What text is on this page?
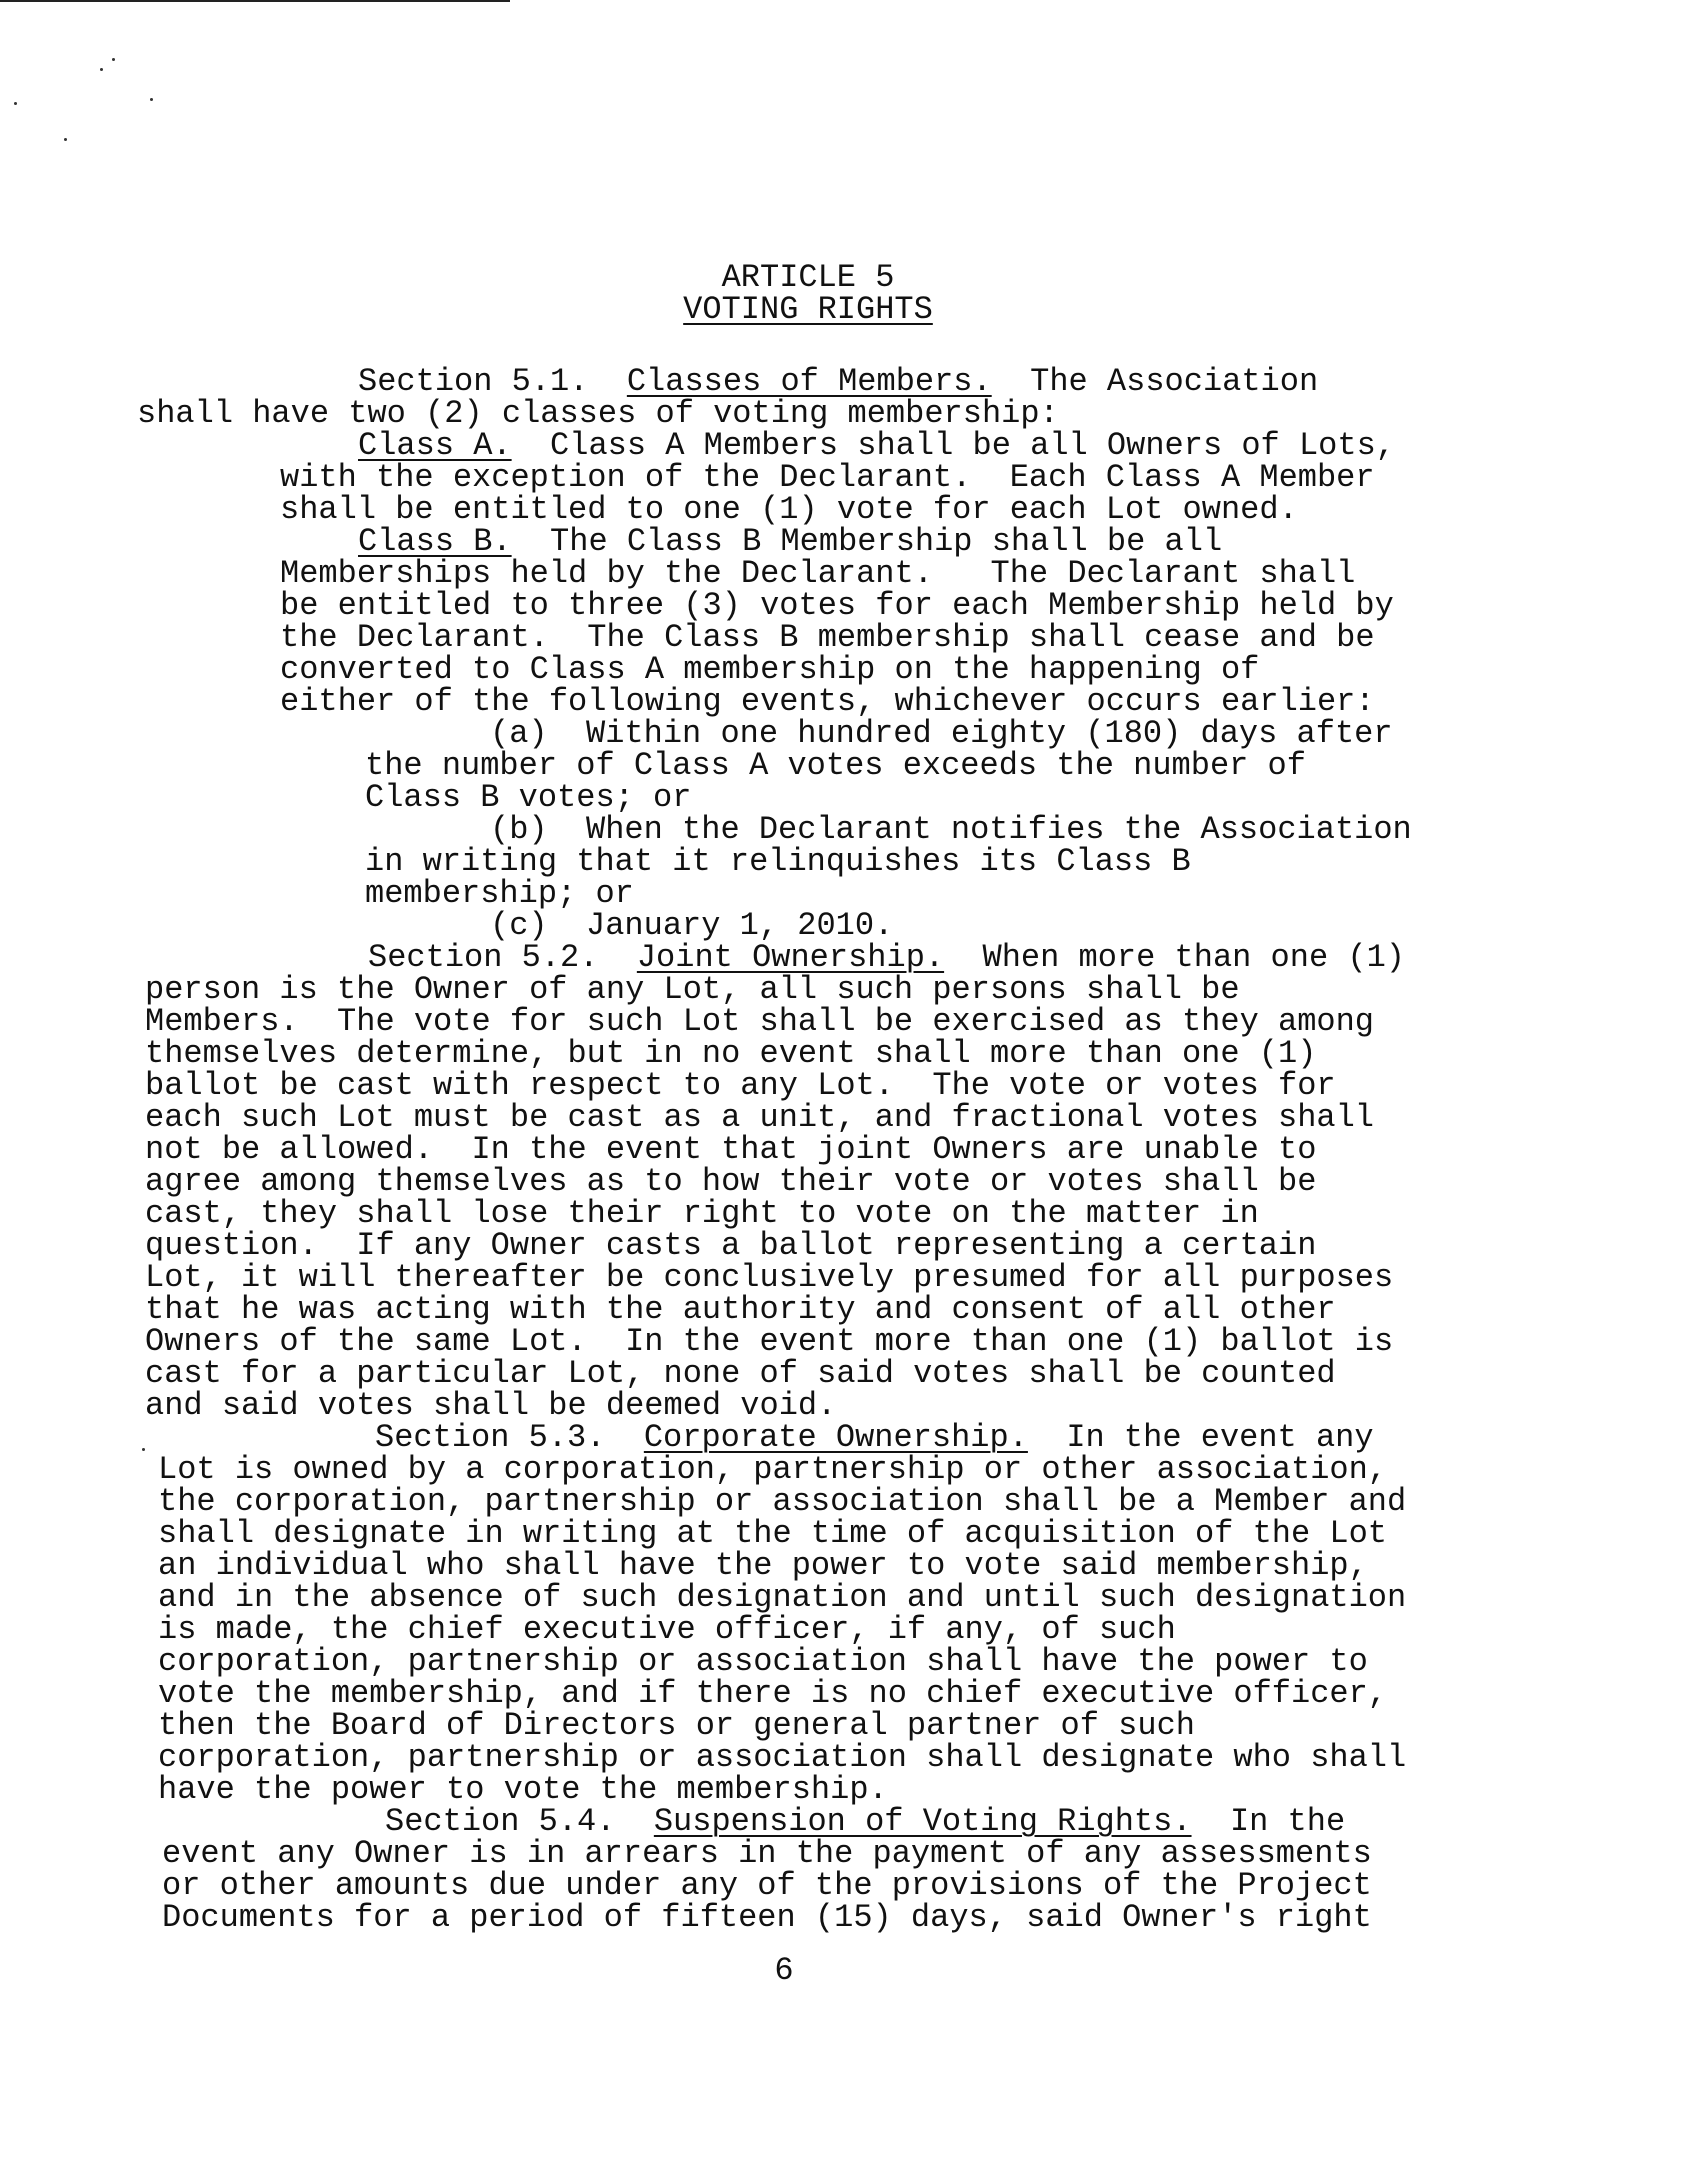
ARTICLE 5
VOTING RIGHTS
Section 5.1.  Classes of Members.  The Association
shall have two (2) classes of voting membership:
Class A.  Class A Members shall be all Owners of Lots,
with the exception of the Declarant.  Each Class A Member
shall be entitled to one (1) vote for each Lot owned.
Class B.  The Class B Membership shall be all
Memberships held by the Declarant.   The Declarant shall
be entitled to three (3) votes for each Membership held by
the Declarant.  The Class B membership shall cease and be
converted to Class A membership on the happening of
either of the following events, whichever occurs earlier:
(a)  Within one hundred eighty (180) days after
the number of Class A votes exceeds the number of
Class B votes; or
(b)  When the Declarant notifies the Association
in writing that it relinquishes its Class B
membership; or
(c)  January 1, 2010.
Section 5.2.  Joint Ownership.  When more than one (1)
person is the Owner of any Lot, all such persons shall be
Members.  The vote for such Lot shall be exercised as they among
themselves determine, but in no event shall more than one (1)
ballot be cast with respect to any Lot.  The vote or votes for
each such Lot must be cast as a unit, and fractional votes shall
not be allowed.  In the event that joint Owners are unable to
agree among themselves as to how their vote or votes shall be
cast, they shall lose their right to vote on the matter in
question.  If any Owner casts a ballot representing a certain
Lot, it will thereafter be conclusively presumed for all purposes
that he was acting with the authority and consent of all other
Owners of the same Lot.  In the event more than one (1) ballot is
cast for a particular Lot, none of said votes shall be counted
and said votes shall be deemed void.
Section 5.3.  Corporate Ownership.  In the event any
Lot is owned by a corporation, partnership or other association,
the corporation, partnership or association shall be a Member and
shall designate in writing at the time of acquisition of the Lot
an individual who shall have the power to vote said membership,
and in the absence of such designation and until such designation
is made, the chief executive officer, if any, of such
corporation, partnership or association shall have the power to
vote the membership, and if there is no chief executive officer,
then the Board of Directors or general partner of such
corporation, partnership or association shall designate who shall
have the power to vote the membership.
Section 5.4.  Suspension of Voting Rights.  In the
event any Owner is in arrears in the payment of any assessments
or other amounts due under any of the provisions of the Project
Documents for a period of fifteen (15) days, said Owner's right
6
